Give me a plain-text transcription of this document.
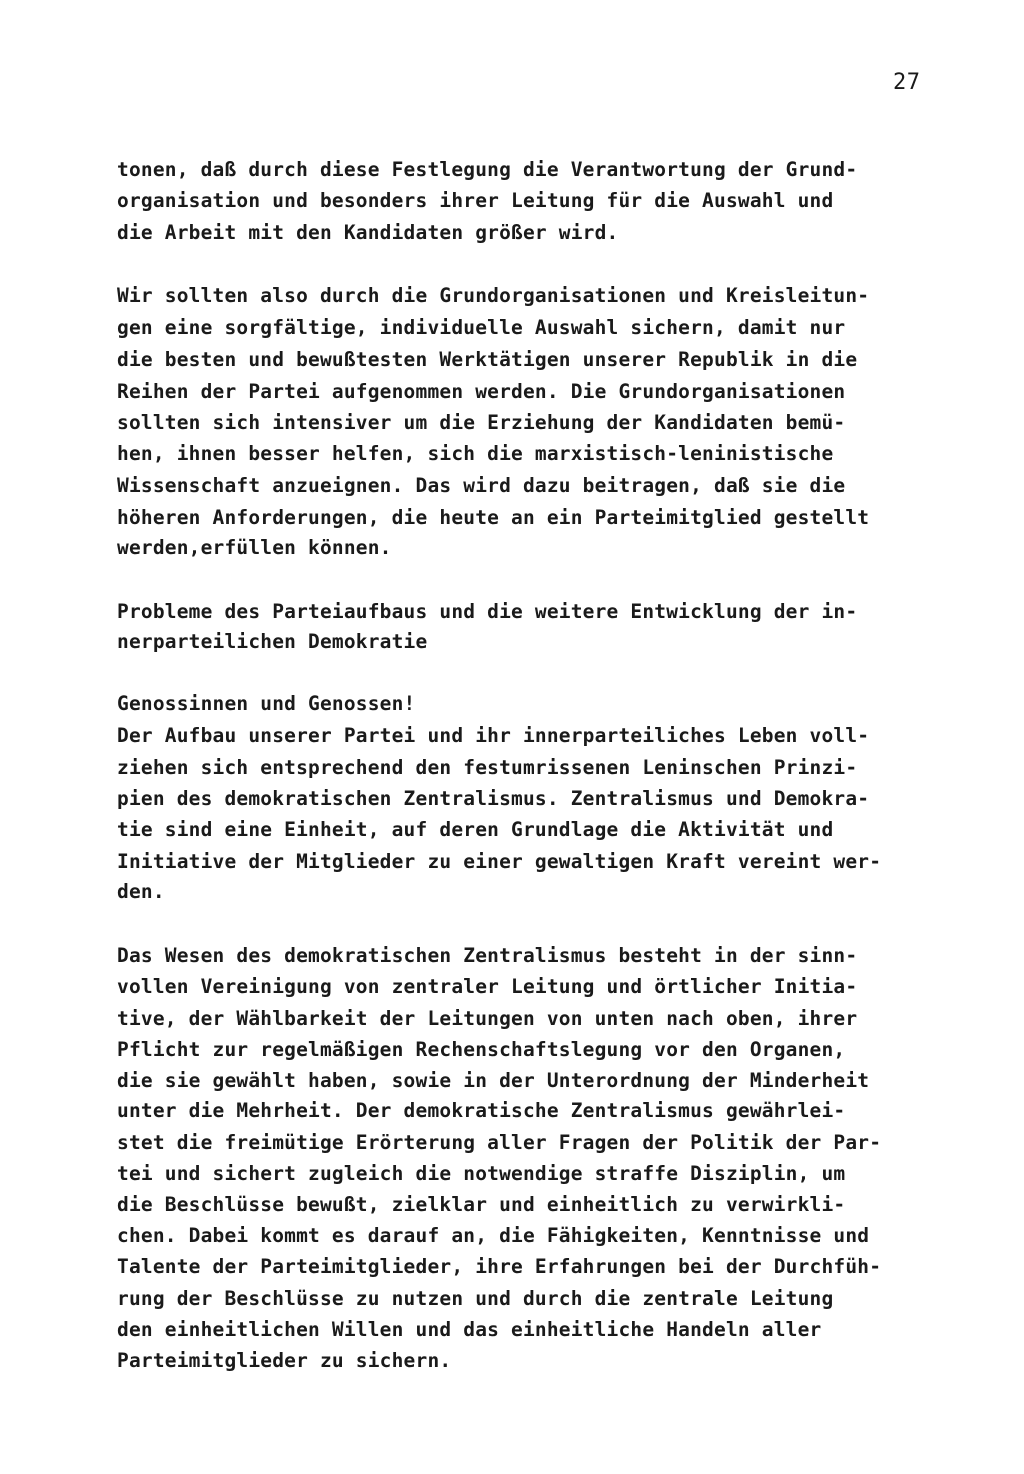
27
tonen, daß durch diese Festlegung die Verantwortung der Grund-
organisation und besonders ihrer Leitung für die Auswahl und
die Arbeit mit den Kandidaten größer wird.
Wir sollten also durch die Grundorganisationen und Kreisleitun-
gen eine sorgfältige, individuelle Auswahl sichern, damit nur
die besten und bewußtesten Werktätigen unserer Republik in die
Reihen der Partei aufgenommen werden. Die Grundorganisationen
sollten sich intensiver um die Erziehung der Kandidaten bemü-
hen, ihnen besser helfen, sich die marxistisch-leninistische
Wissenschaft anzueignen. Das wird dazu beitragen, daß sie die
höheren Anforderungen, die heute an ein Parteimitglied gestellt
werden,erfüllen können.
Probleme des Parteiaufbaus und die weitere Entwicklung der in-
nerparteilichen Demokratie
Genossinnen und Genossen!
Der Aufbau unserer Partei und ihr innerparteiliches Leben voll-
ziehen sich entsprechend den festumrissenen Leninschen Prinzi-
pien des demokratischen Zentralismus. Zentralismus und Demokra-
tie sind eine Einheit, auf deren Grundlage die Aktivität und
Initiative der Mitglieder zu einer gewaltigen Kraft vereint wer-
den.
Das Wesen des demokratischen Zentralismus besteht in der sinn-
vollen Vereinigung von zentraler Leitung und örtlicher Initia-
tive, der Wählbarkeit der Leitungen von unten nach oben, ihrer
Pflicht zur regelmäßigen Rechenschaftslegung vor den Organen,
die sie gewählt haben, sowie in der Unterordnung der Minderheit
unter die Mehrheit. Der demokratische Zentralismus gewährlei-
stet die freimütige Erörterung aller Fragen der Politik der Par-
tei und sichert zugleich die notwendige straffe Disziplin, um
die Beschlüsse bewußt, zielklar und einheitlich zu verwirkli-
chen. Dabei kommt es darauf an, die Fähigkeiten, Kenntnisse und
Talente der Parteimitglieder, ihre Erfahrungen bei der Durchfüh-
rung der Beschlüsse zu nutzen und durch die zentrale Leitung
den einheitlichen Willen und das einheitliche Handeln aller
Parteimitglieder zu sichern.
